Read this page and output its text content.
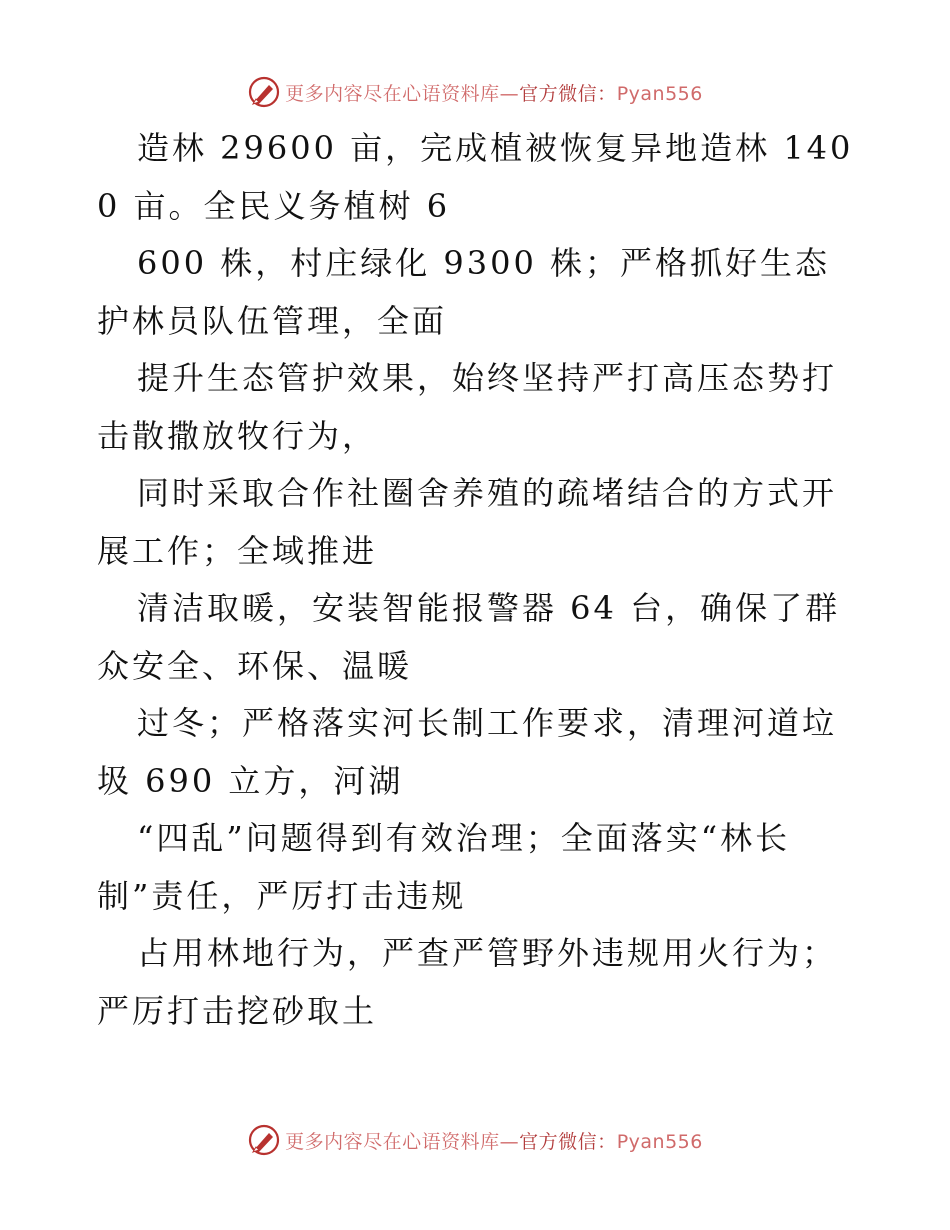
更多内容尽在心语资料库—官方微信：Pyan556

造林 29600 亩，完成植被恢复异地造林 1400 亩。全民义务植树 6

600 株，村庄绿化 9300 株；严格抓好生态护林员队伍管理，全面

提升生态管护效果，始终坚持严打高压态势打击散撒放牧行为，

同时采取合作社圈舍养殖的疏堵结合的方式开展工作；全域推进

清洁取暖，安装智能报警器 64 台，确保了群众安全、环保、温暖

过冬；严格落实河长制工作要求，清理河道垃圾 690 立方，河湖

“四乱”问题得到有效治理；全面落实“林长制”责任，严厉打击违规

占用林地行为，严查严管野外违规用火行为；严厉打击挖砂取土

更多内容尽在心语资料库—官方微信：Pyan556
